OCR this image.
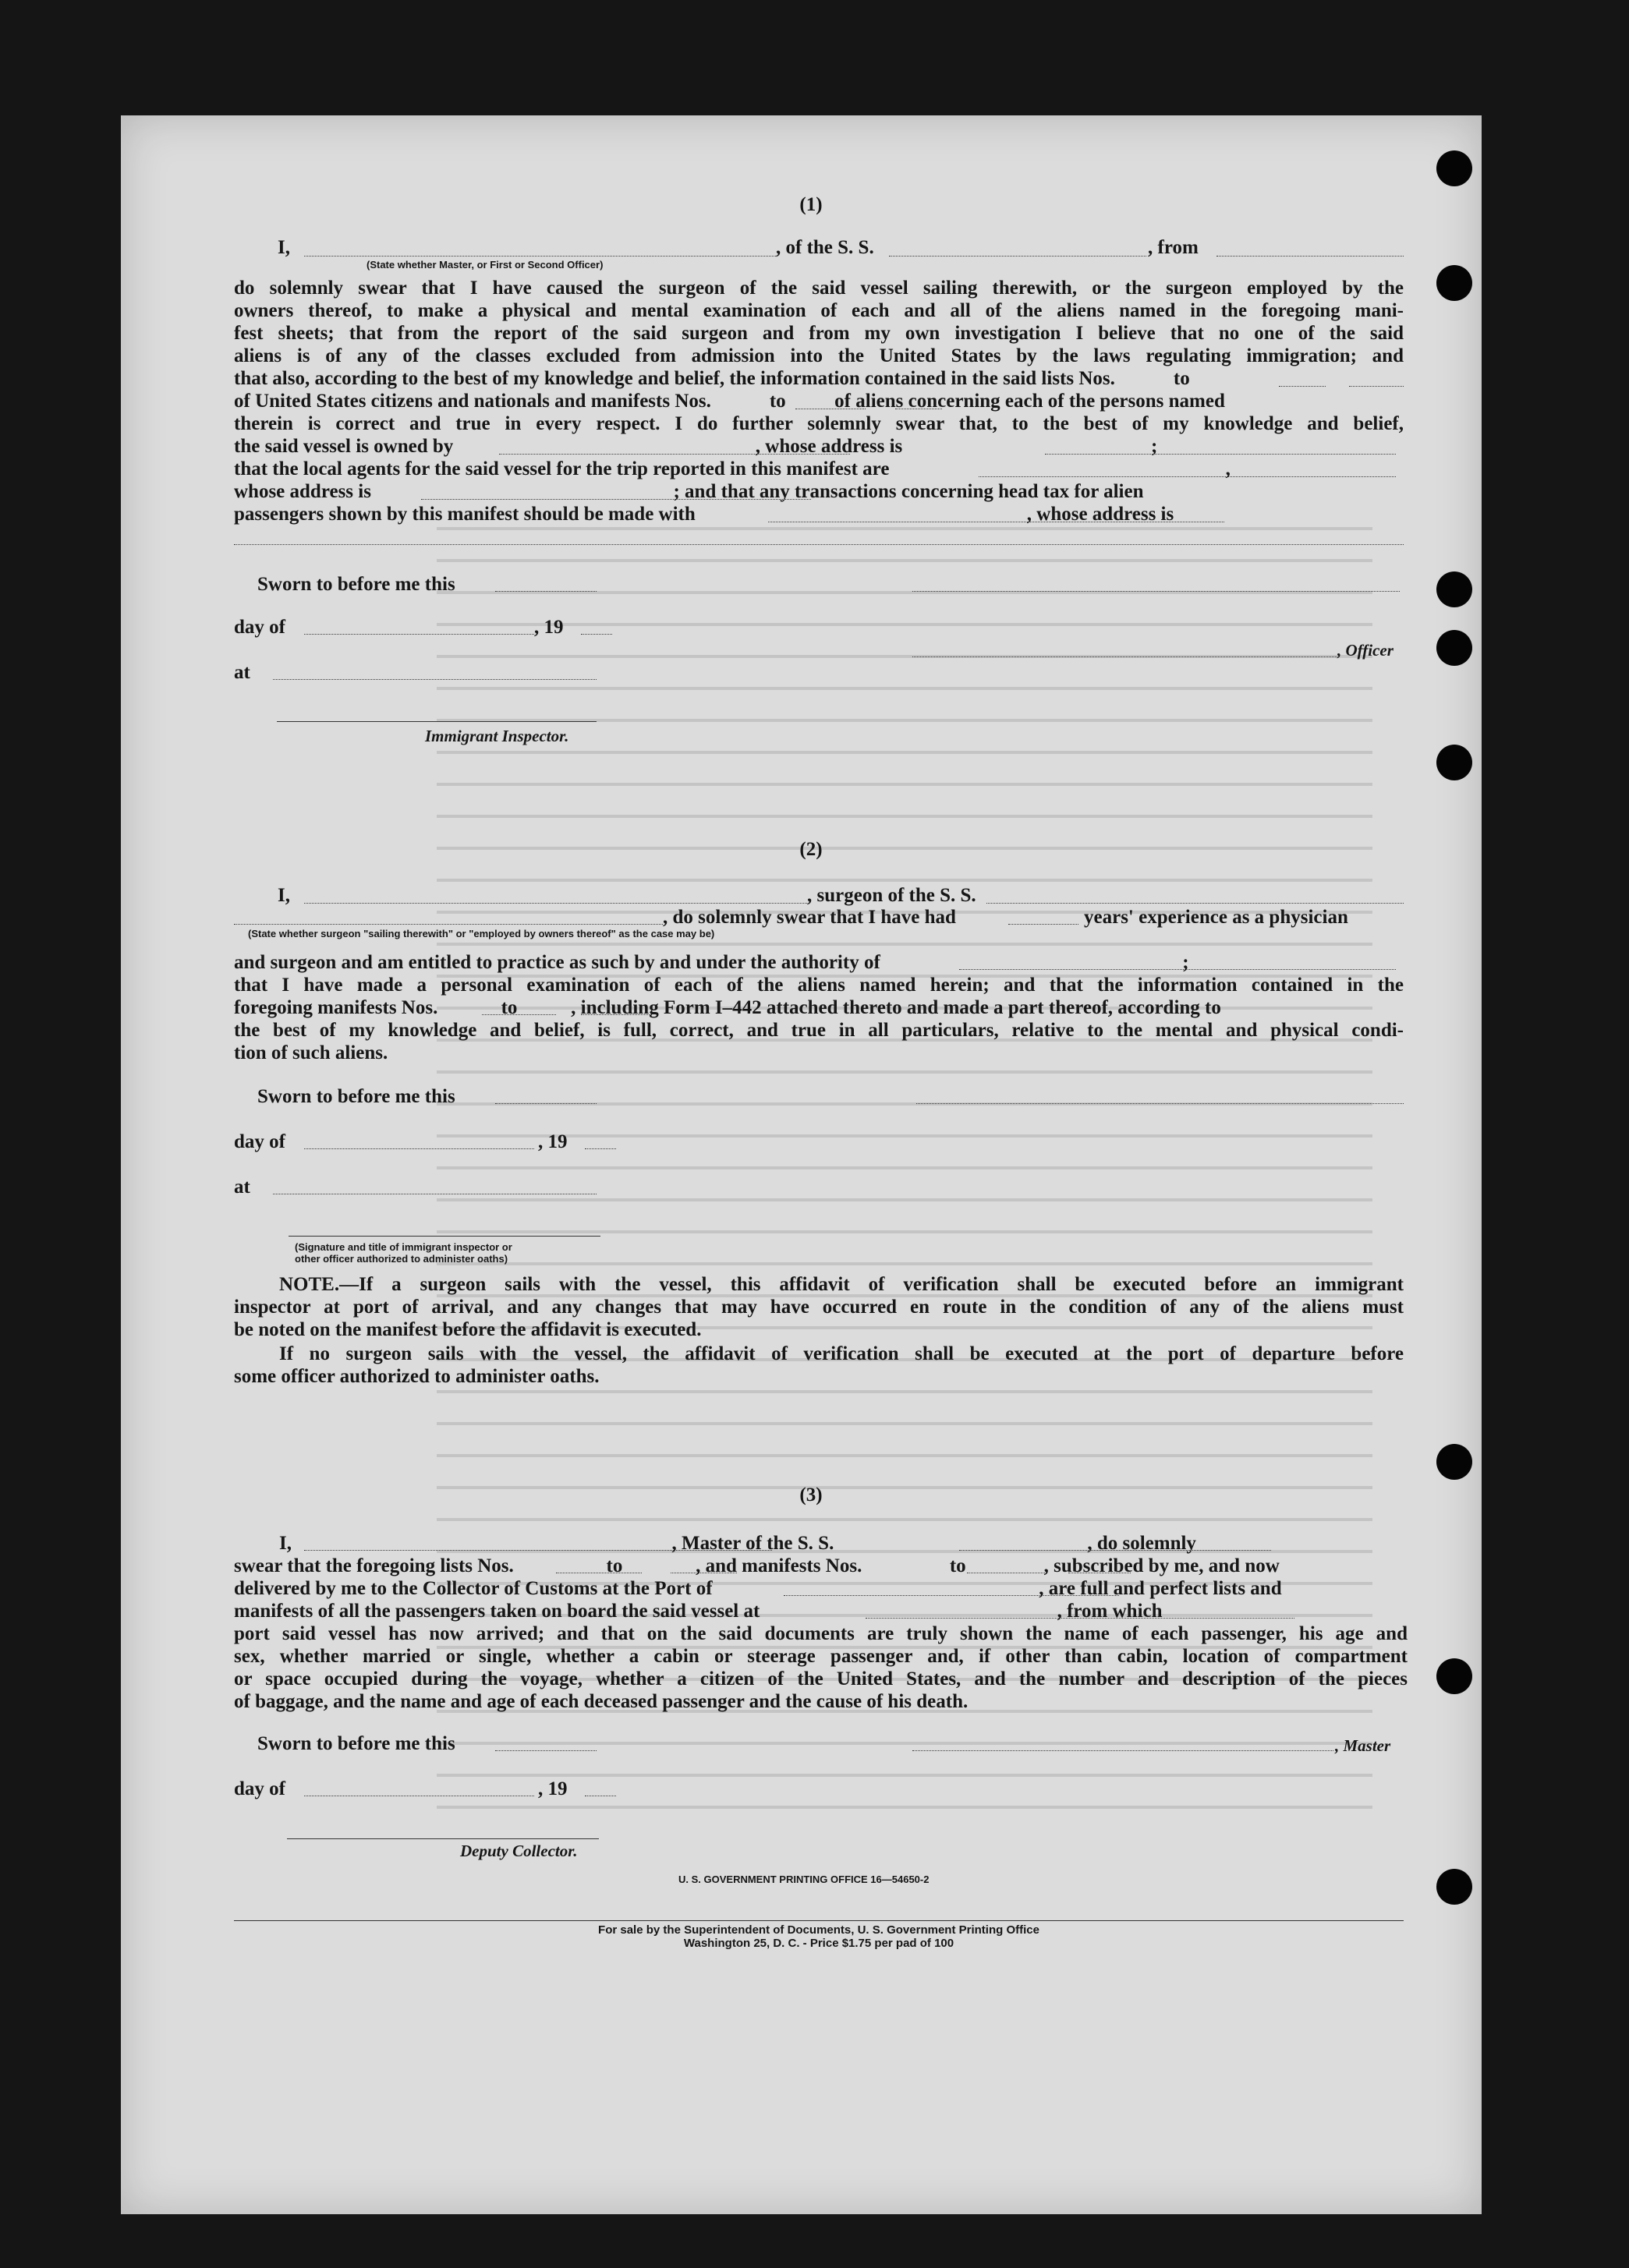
(1)
I,	, of the S. S.	, from
(State whether Master, or First or Second Officer)
do solemnly swear that I have caused the surgeon of the said vessel sailing therewith, or the surgeon employed by the
owners thereof, to make a physical and mental examination of each and all of the aliens named in the foregoing mani-
fest sheets; that from the report of the said surgeon and from my own investigation I believe that no one of the said
aliens is of any of the classes excluded from admission into the United States by the laws regulating immigration; and
that also, according to the best of my knowledge and belief, the information contained in the said lists Nos.            to
of United States citizens and nationals and manifests Nos.            to          of aliens concerning each of the persons named
therein is correct and true in every respect. I do further solemnly swear that, to the best of my knowledge and belief,
the said vessel is owned by                                                              , whose address is                                                   ;
that the local agents for the said vessel for the trip reported in this manifest are                                                                     ,
whose address is                                                              ; and that any transactions concerning head tax for alien
passengers shown by this manifest should be made with                                                                    , whose address is
Sworn to before me this
day of	, 19
, Officer
at
Immigrant Inspector.
(2)
I,	, surgeon of the S. S.
, do solemnly swear that I have had	years' experience as a physician
(State whether surgeon "sailing therewith" or "employed by owners thereof" as the case may be)
and surgeon and am entitled to practice as such by and under the authority of                                                              ;
that I have made a personal examination of each of the aliens named herein; and that the information contained in the
foregoing manifests Nos.             to           , including Form I–442 attached thereto and made a part thereof, according to
the best of my knowledge and belief, is full, correct, and true in all particulars, relative to the mental and physical condi-
tion of such aliens.
Sworn to before me this
day of	, 19
at
(Signature and title of immigrant inspector or
other officer authorized to administer oaths)
NOTE.—If a surgeon sails with the vessel, this affidavit of verification shall be executed before an immigrant
inspector at port of arrival, and any changes that may have occurred en route in the condition of any of the aliens must
be noted on the manifest before the affidavit is executed.
If no surgeon sails with the vessel, the affidavit of verification shall be executed at the port of departure before
some officer authorized to administer oaths.
(3)
I,                                                                              , Master of the S. S.                                                    , do solemnly
swear that the foregoing lists Nos.                   to               , and manifests Nos.                  to                , subscribed by me, and now
delivered by me to the Collector of Customs at the Port of                                                                   , are full and perfect lists and
manifests of all the passengers taken on board the said vessel at                                                             , from which
port said vessel has now arrived; and that on the said documents are truly shown the name of each passenger, his age and
sex, whether married or single, whether a cabin or steerage passenger and, if other than cabin, location of compartment
or space occupied during the voyage, whether a citizen of the United States, and the number and description of the pieces
of baggage, and the name and age of each deceased passenger and the cause of his death.
Sworn to before me this	, Master
day of	, 19
Deputy Collector.
U. S. GOVERNMENT PRINTING OFFICE 16—54650-2
For sale by the Superintendent of Documents, U. S. Government Printing Office
Washington 25, D. C. - Price $1.75 per pad of 100
